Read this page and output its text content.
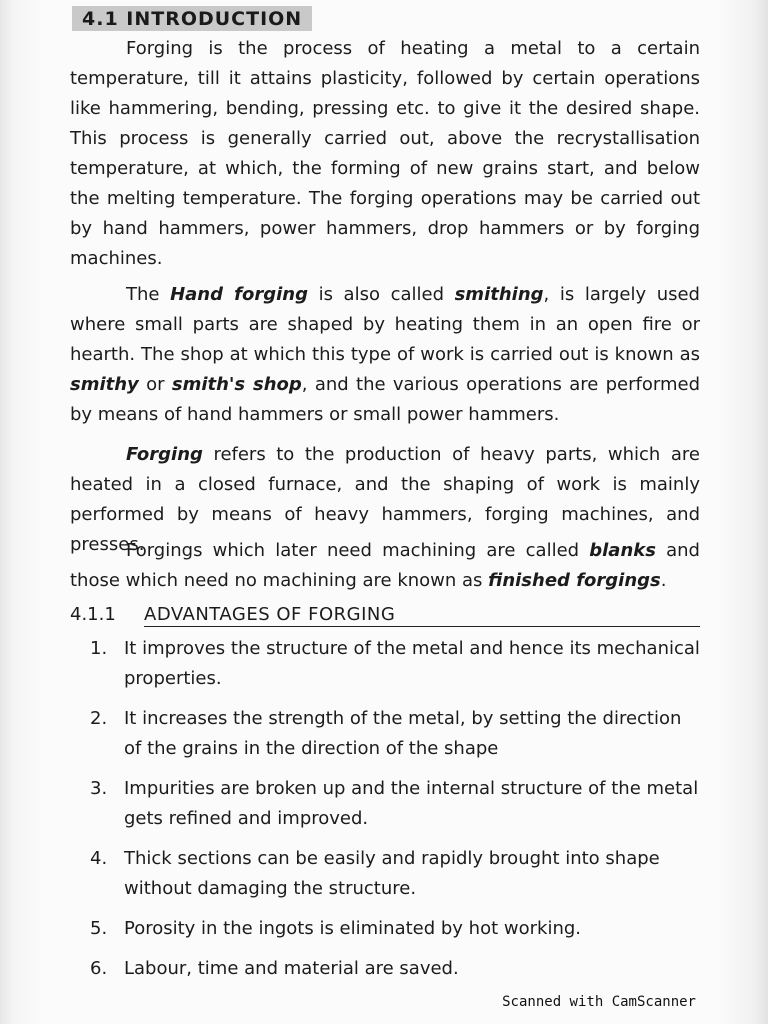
4.1 INTRODUCTION

Forging is the process of heating a metal to a certain temperature, till it attains plasticity, followed by certain operations like hammering, bending, pressing etc. to give it the desired shape. This process is generally carried out, above the recrystallisation temperature, at which, the forming of new grains start, and below the melting temperature. The forging operations may be carried out by hand hammers, power hammers, drop hammers or by forging machines.

The Hand forging is also called smithing, is largely used where small parts are shaped by heating them in an open fire or hearth. The shop at which this type of work is carried out is known as smithy or smith's shop, and the various operations are performed by means of hand hammers or small power hammers.

Forging refers to the production of heavy parts, which are heated in a closed furnace, and the shaping of work is mainly performed by means of heavy hammers, forging machines, and presses.

Forgings which later need machining are called blanks and those which need no machining are known as finished forgings.

4.1.1 ADVANTAGES OF FORGING
1. It improves the structure of the metal and hence its mechanical properties.
2. It increases the strength of the metal, by setting the direction of the grains in the direction of the shape
3. Impurities are broken up and the internal structure of the metal gets refined and improved.
4. Thick sections can be easily and rapidly brought into shape without damaging the structure.
5. Porosity in the ingots is eliminated by hot working.
6. Labour, time and material are saved.
Scanned with CamScanner
